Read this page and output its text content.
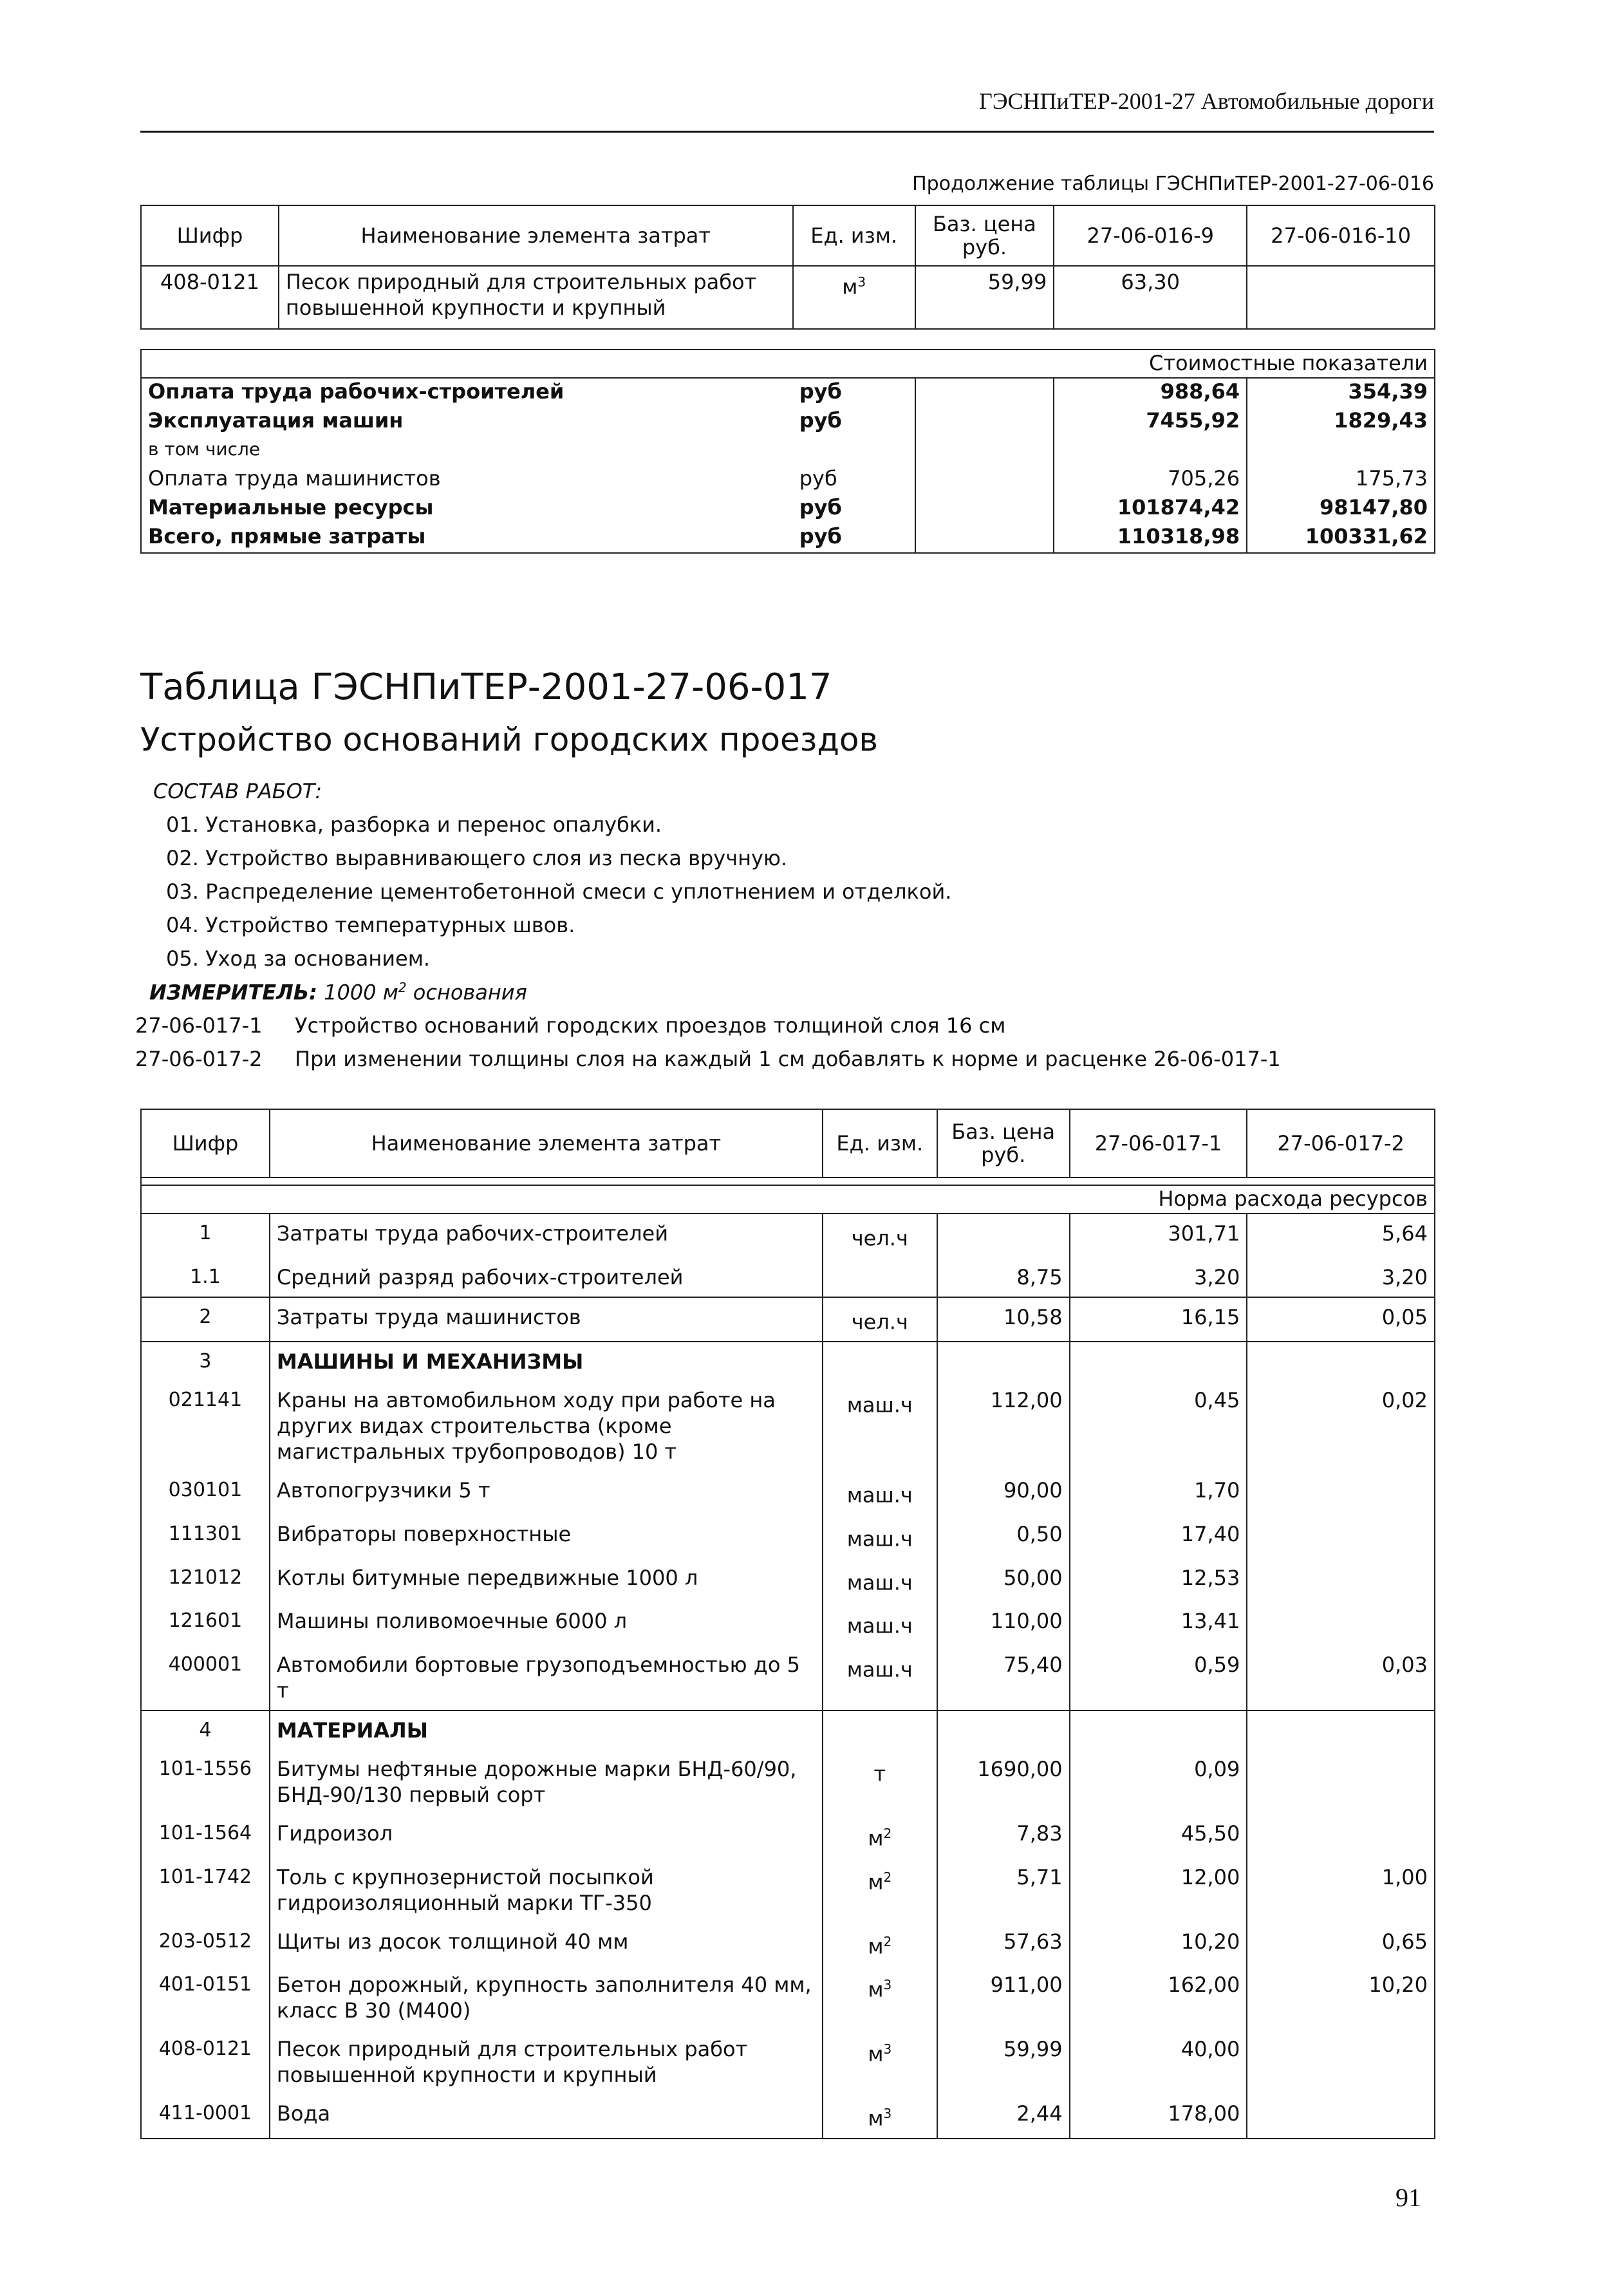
ГЭСНПиТЕР-2001-27 Автомобильные дороги
Продолжение таблицы ГЭСНПиТЕР-2001-27-06-016
Шифр	Наименование элемента затрат	Ед. изм.	Баз. цена руб.	27-06-016-9	27-06-016-10
408-0121	Песок природный для строительных работ повышенной крупности и крупный	$м^3$	59,99	63,30	

Стоимостные показатели					
Оплата труда рабочих-строителей		руб		988,64	354,39
Эксплуатация машин		руб		7455,92	1829,43
в том числе					
Оплата труда машинистов		руб		705,26	175,73
Материальные ресурсы		руб		101874,42	98147,80
Всего, прямые затраты		руб		110318,98	100331,62
Таблица ГЭСНПиТЕР-2001-27-06-017
Устройство оснований городских проездов
СОСТАВ РАБОТ:
01. Установка, разборка и перенос опалубки.
02. Устройство выравнивающего слоя из песка вручную.
03. Распределение цементобетонной смеси с уплотнением и отделкой.
04. Устройство температурных швов.
05. Уход за основанием.
ИЗМЕРИТЕЛЬ: 1000 $м^2$ основания
27-06-017-1 Устройство оснований городских проездов толщиной слоя 16 см
27-06-017-2 При изменении толщины слоя на каждый 1 см добавлять к норме и расценке 26-06-017-1
Шифр	Наименование элемента затрат	Ед. изм.	Баз. цена руб.	27-06-017-1	27-06-017-2

Норма расхода ресурсов					
1	Затраты труда рабочих-строителей	чел.ч		301,71	5,64
1.1	Средний разряд рабочих-строителей		8,75	3,20	3,20
2	Затраты труда машинистов	чел.ч	10,58	16,15	0,05
3	МАШИНЫ И МЕХАНИЗМЫ				
021141	Краны на автомобильном ходу при работе на других видах строительства (кроме магистральных трубопроводов) 10 т	маш.ч	112,00	0,45	0,02
030101	Автопогрузчики 5 т	маш.ч	90,00	1,70	
111301	Вибраторы поверхностные	маш.ч	0,50	17,40	
121012	Котлы битумные передвижные 1000 л	маш.ч	50,00	12,53	
121601	Машины поливомоечные 6000 л	маш.ч	110,00	13,41	
400001	Автомобили бортовые грузоподъемностью до 5 т	маш.ч	75,40	0,59	0,03
4	МАТЕРИАЛЫ				
101-1556	Битумы нефтяные дорожные марки БНД-60/90, БНД-90/130 первый сорт	т	1690,00	0,09	
101-1564	Гидроизол	$м^2$	7,83	45,50	
101-1742	Толь с крупнозернистой посыпкой гидроизоляционный марки ТГ-350	$м^2$	5,71	12,00	1,00
203-0512	Щиты из досок толщиной 40 мм	$м^2$	57,63	10,20	0,65
401-0151	Бетон дорожный, крупность заполнителя 40 мм, класс В 30 (М400)	$м^3$	911,00	162,00	10,20
408-0121	Песок природный для строительных работ повышенной крупности и крупный	$м^3$	59,99	40,00	
411-0001	Вода	$м^3$	2,44	178,00	
91
